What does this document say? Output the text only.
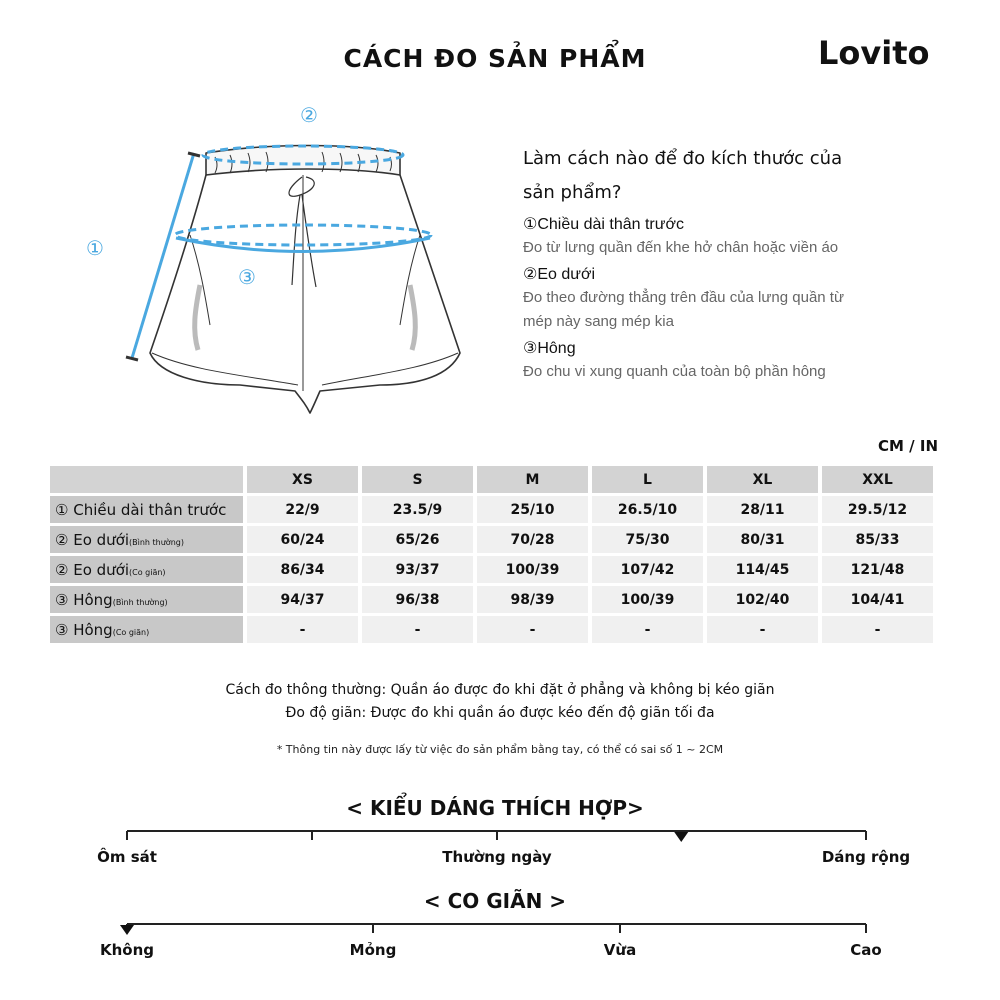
CÁCH ĐO SẢN PHẨM	Lovito
②
①
③
Làm cách nào để đo kích thước của
sản phẩm?
①Chiều dài thân trước
Đo từ lưng quần đến khe hở chân hoặc viền áo
②Eo dưới
Đo theo đường thẳng trên đầu của lưng quần từ
mép này sang mép kia
③Hông
Đo chu vi xung quanh của toàn bộ phần hông
CM / IN
	XS	S	M	L	XL	XXL
① Chiều dài thân trước	22/9	23.5/9	25/10	26.5/10	28/11	29.5/12
② Eo dưới(Bình thường)	60/24	65/26	70/28	75/30	80/31	85/33
② Eo dưới(Co giãn)	86/34	93/37	100/39	107/42	114/45	121/48
③ Hông(Bình thường)	94/37	96/38	98/39	100/39	102/40	104/41
③ Hông(Co giãn)	-	-	-	-	-	-
Cách đo thông thường: Quần áo được đo khi đặt ở phẳng và không bị kéo giãn
Đo độ giãn: Được đo khi quần áo được kéo đến độ giãn tối đa
* Thông tin này được lấy từ việc đo sản phẩm bằng tay, có thể có sai số 1 ~ 2CM
< KIỂU DÁNG THÍCH HỢP>
Ôm sát	Thường ngày	Dáng rộng
< CO GIÃN >
Không	Mỏng	Vừa	Cao
